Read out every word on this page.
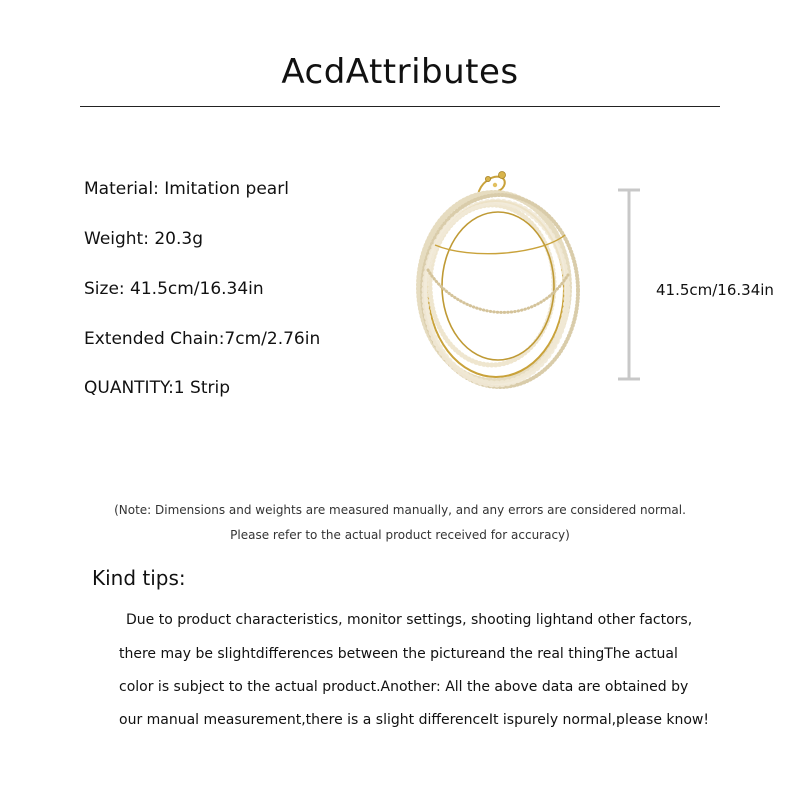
AcdAttributes
Material: Imitation pearl
Weight: 20.3g
Size: 41.5cm/16.34in
Extended Chain:7cm/2.76in
QUANTITY:1 Strip
41.5cm/16.34in
(Note: Dimensions and weights are measured manually, and any errors are considered normal.
Please refer to the actual product received for accuracy)
Kind tips:
Due to product characteristics, monitor settings, shooting lightand other factors,
there may be slightdifferences between the pictureand the real thingThe actual
color is subject to the actual product.Another: All the above data are obtained by
our manual measurement,there is a slight differenceIt ispurely normal,please know!
